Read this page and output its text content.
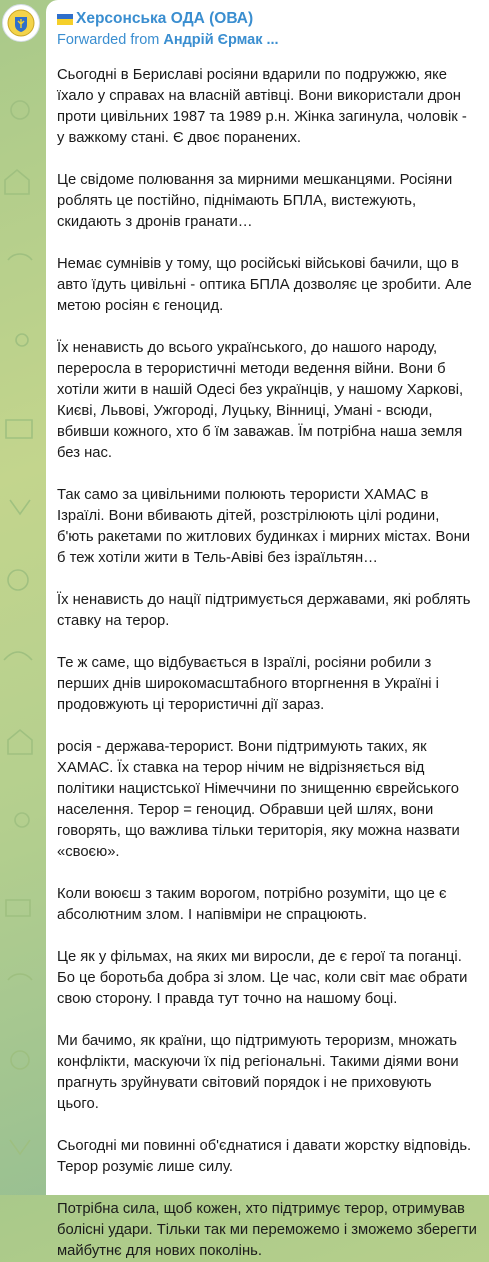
Херсонська ОДА (ОВА)
Forwarded from Андрій Єрмак ...

Сьогодні в Бериславі росіяни вдарили по подружжю, яке їхало у справах на власній автівці. Вони використали дрон проти цивільних 1987 та 1989 р.н. Жінка загинула, чоловік - у важкому стані. Є двоє поранених.

Це свідоме полювання за мирними мешканцями. Росіяни роблять це постійно, піднімають БПЛА, вистежують, скидають з дронів гранати…

Немає сумнівів у тому, що російські військові бачили, що в авто їдуть цивільні - оптика БПЛА дозволяє це зробити. Але метою росіян є геноцид.

Їх ненависть до всього українського, до нашого народу, переросла в терористичні методи ведення війни. Вони б хотіли жити в нашій Одесі без українців, у нашому Харкові, Києві, Львові, Ужгороді, Луцьку, Вінниці, Умані - всюди, вбивши кожного, хто б їм заважав. Їм потрібна наша земля без нас.

Так само за цивільними полюють терористи ХАМАС в Ізраїлі. Вони вбивають дітей, розстрілюють цілі родини, б'ють ракетами по житлових будинках і мирних містах. Вони б теж хотіли жити в Тель-Авіві без ізраїльтян…

Їх ненависть до нації підтримується державами, які роблять ставку на терор.

Те ж саме, що відбувається в Ізраїлі, росіяни робили з перших днів широкомасштабного вторгнення в Україні і продовжують ці терористичні дії зараз.

росія - держава-терорист. Вони підтримують таких, як ХАМАС. Їх ставка на терор нічим не відрізняється від політики нацистської Німеччини по знищенню єврейського населення. Терор = геноцид. Обравши цей шлях, вони говорять, що важлива тільки територія, яку можна назвати «своєю».

Коли воюєш з таким ворогом, потрібно розуміти, що це є абсолютним злом. І напівміри не спрацюють.

Це як у фільмах, на яких ми виросли, де є герої та поганці. Бо це боротьба добра зі злом. Це час, коли світ має обрати свою сторону. І правда тут точно на нашому боці.

Ми бачимо, як країни, що підтримують тероризм, множать конфлікти, маскуючи їх під регіональні. Такими діями вони прагнуть зруйнувати світовий порядок і не приховують цього.

Сьогодні ми повинні об'єднатися і давати жорстку відповідь. Терор розуміє лише силу.

Потрібна сила, щоб кожен, хто підтримує терор, отримував болісні удари. Тільки так ми переможемо і зможемо зберегти майбутнє для нових поколінь.
